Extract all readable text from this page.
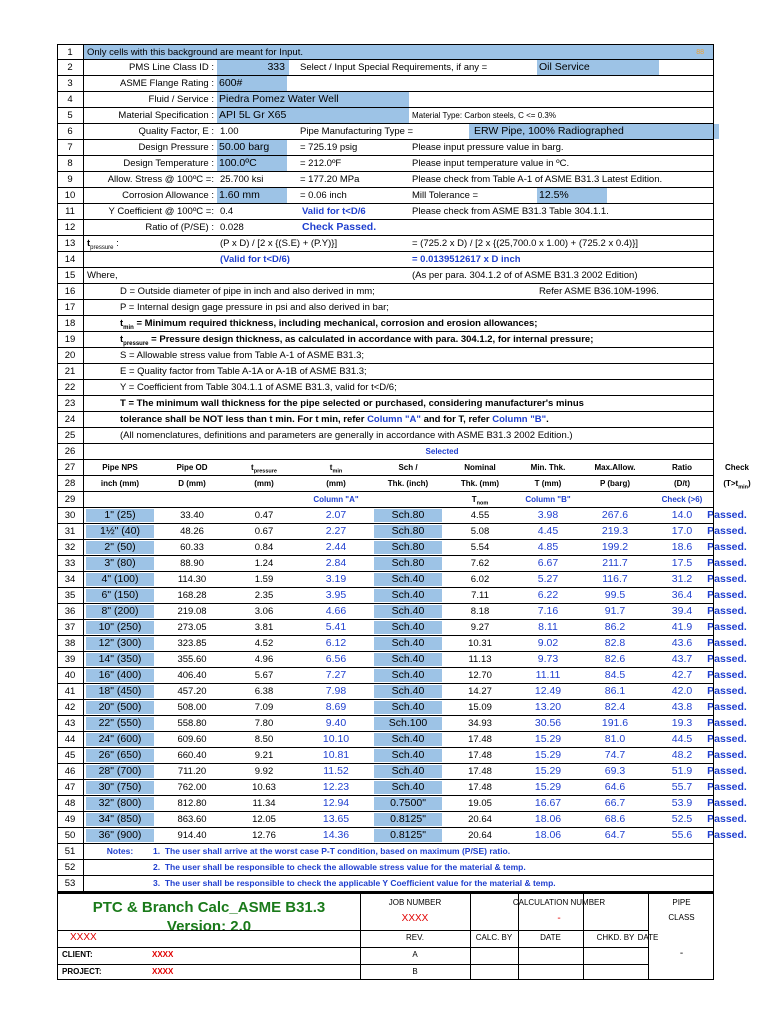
1	Only cells with this background are meant for Input.	88
2	PMS Line Class ID :	333	Select / Input Special Requirements, if any =	Oil Service
3	ASME Flange Rating : 600#
4	Fluid / Service : Piedra Pomez Water Well
5	Material Specification : API 5L Gr X65	Material Type: Carbon steels, C <= 0.3%
6	Quality Factor, E : 1.00	Pipe Manufacturing Type =	ERW Pipe, 100% Radiographed
7	Design Pressure : 50.00 barg	= 725.19 psig	Please input pressure value in barg.
8	Design Temperature : 100.0ºC	= 212.0ºF	Please input temperature value in ºC.
9	Allow. Stress @ 100ºC =: 25.700 ksi	= 177.20 MPa	Please check from Table A-1 of ASME B31.3 Latest Edition.
10	Corrosion Allowance : 1.60 mm	= 0.06 inch	Mill Tolerance =	12.5%
11	Y Coefficient @ 100ºC =: 0.4	Valid for t<D/6	Please check from ASME B31.3 Table 304.1.1.
12	Ratio of (P/SE) : 0.028	Check Passed.
13	$t_{pressure}$ :	(P x D) / [2 x {(S.E) + (P.Y)}]	= (725.2 x D) / [2 x {(25,700.0 x 1.00) + (725.2 x 0.4)}]
14	(Valid for t<D/6)	= 0.0139512617 x D inch
15	Where,	(As per para. 304.1.2 of of ASME B31.3 2002 Edition)
16	D = Outside diameter of pipe in inch and also derived in mm;	Refer ASME B36.10M-1996.
17	P = Internal design gage pressure in psi and also derived in bar;
18	$t_{min}$ = Minimum required thickness, including mechanical, corrosion and erosion allowances;
19	$t_{pressure}$ = Pressure design thickness, as calculated in accordance with para. 304.1.2, for internal pressure;
20	S = Allowable stress value from Table A-1 of ASME B31.3;
21	E = Quality factor from Table A-1A or A-1B of ASME B31.3;
22	Y = Coefficient from Table 304.1.1 of ASME B31.3, valid for t<D/6;
23	T = The minimum wall thickness for the pipe selected or purchased, considering manufacturer's minus
24	tolerance shall be NOT less than t min. For t min, refer Column "A" and for T, refer Column "B".
25	(All nomenclatures, definitions and parameters are generally in accordance with ASME B31.3 2002 Edition.)
26	Selected
27	Pipe NPS	Pipe OD	$t_{pressure}$	$t_{min}$	Sch /	Nominal	Min. Thk.	Max.Allow.	Ratio	Check
28	inch (mm)	D (mm)	(mm)	(mm)	Thk. (inch)	Thk. (mm)	T (mm)	P (barg)	(D/t)	$(T>t_{min})$
29	Column "A"	$T_{nom}$	Column "B"	Check (>6)
30	1" (25)	33.40	0.47	2.07	Sch.80	4.55	3.98	267.6	14.0	Passed.
31	1½" (40)	48.26	0.67	2.27	Sch.80	5.08	4.45	219.3	17.0	Passed.
32	2" (50)	60.33	0.84	2.44	Sch.80	5.54	4.85	199.2	18.6	Passed.
33	3" (80)	88.90	1.24	2.84	Sch.80	7.62	6.67	211.7	17.5	Passed.
34	4" (100)	114.30	1.59	3.19	Sch.40	6.02	5.27	116.7	31.2	Passed.
35	6" (150)	168.28	2.35	3.95	Sch.40	7.11	6.22	99.5	36.4	Passed.
36	8" (200)	219.08	3.06	4.66	Sch.40	8.18	7.16	91.7	39.4	Passed.
37	10" (250)	273.05	3.81	5.41	Sch.40	9.27	8.11	86.2	41.9	Passed.
38	12" (300)	323.85	4.52	6.12	Sch.40	10.31	9.02	82.8	43.6	Passed.
39	14" (350)	355.60	4.96	6.56	Sch.40	11.13	9.73	82.6	43.7	Passed.
40	16" (400)	406.40	5.67	7.27	Sch.40	12.70	11.11	84.5	42.7	Passed.
41	18" (450)	457.20	6.38	7.98	Sch.40	14.27	12.49	86.1	42.0	Passed.
42	20" (500)	508.00	7.09	8.69	Sch.40	15.09	13.20	82.4	43.8	Passed.
43	22" (550)	558.80	7.80	9.40	Sch.100	34.93	30.56	191.6	19.3	Passed.
44	24" (600)	609.60	8.50	10.10	Sch.40	17.48	15.29	81.0	44.5	Passed.
45	26" (650)	660.40	9.21	10.81	Sch.40	17.48	15.29	74.7	48.2	Passed.
46	28" (700)	711.20	9.92	11.52	Sch.40	17.48	15.29	69.3	51.9	Passed.
47	30" (750)	762.00	10.63	12.23	Sch.40	17.48	15.29	64.6	55.7	Passed.
48	32" (800)	812.80	11.34	12.94	0.7500"	19.05	16.67	66.7	53.9	Passed.
49	34" (850)	863.60	12.05	13.65	0.8125"	20.64	18.06	68.6	52.5	Passed.
50	36" (900)	914.40	12.76	14.36	0.8125"	20.64	18.06	64.7	55.6	Passed.
51	Notes:	1. The user shall arrive at the worst case P-T condition, based on maximum (P/SE) ratio.
52	2. The user shall be responsible to check the allowable stress value for the material & temp.
53	3. The user shall be responsible to check the applicable Y Coefficient value for the material & temp.
PTC & Branch Calc_ASME B31.3 Version: 2.0
JOB NUMBER
XXXX
CALCULATION NUMBER
-
PIPE
CLASS
-
XXXX	REV.	CALC. BY	DATE	CHKD. BY
CLIENT:	XXXX	A
PROJECT:	XXXX	B
DATE
